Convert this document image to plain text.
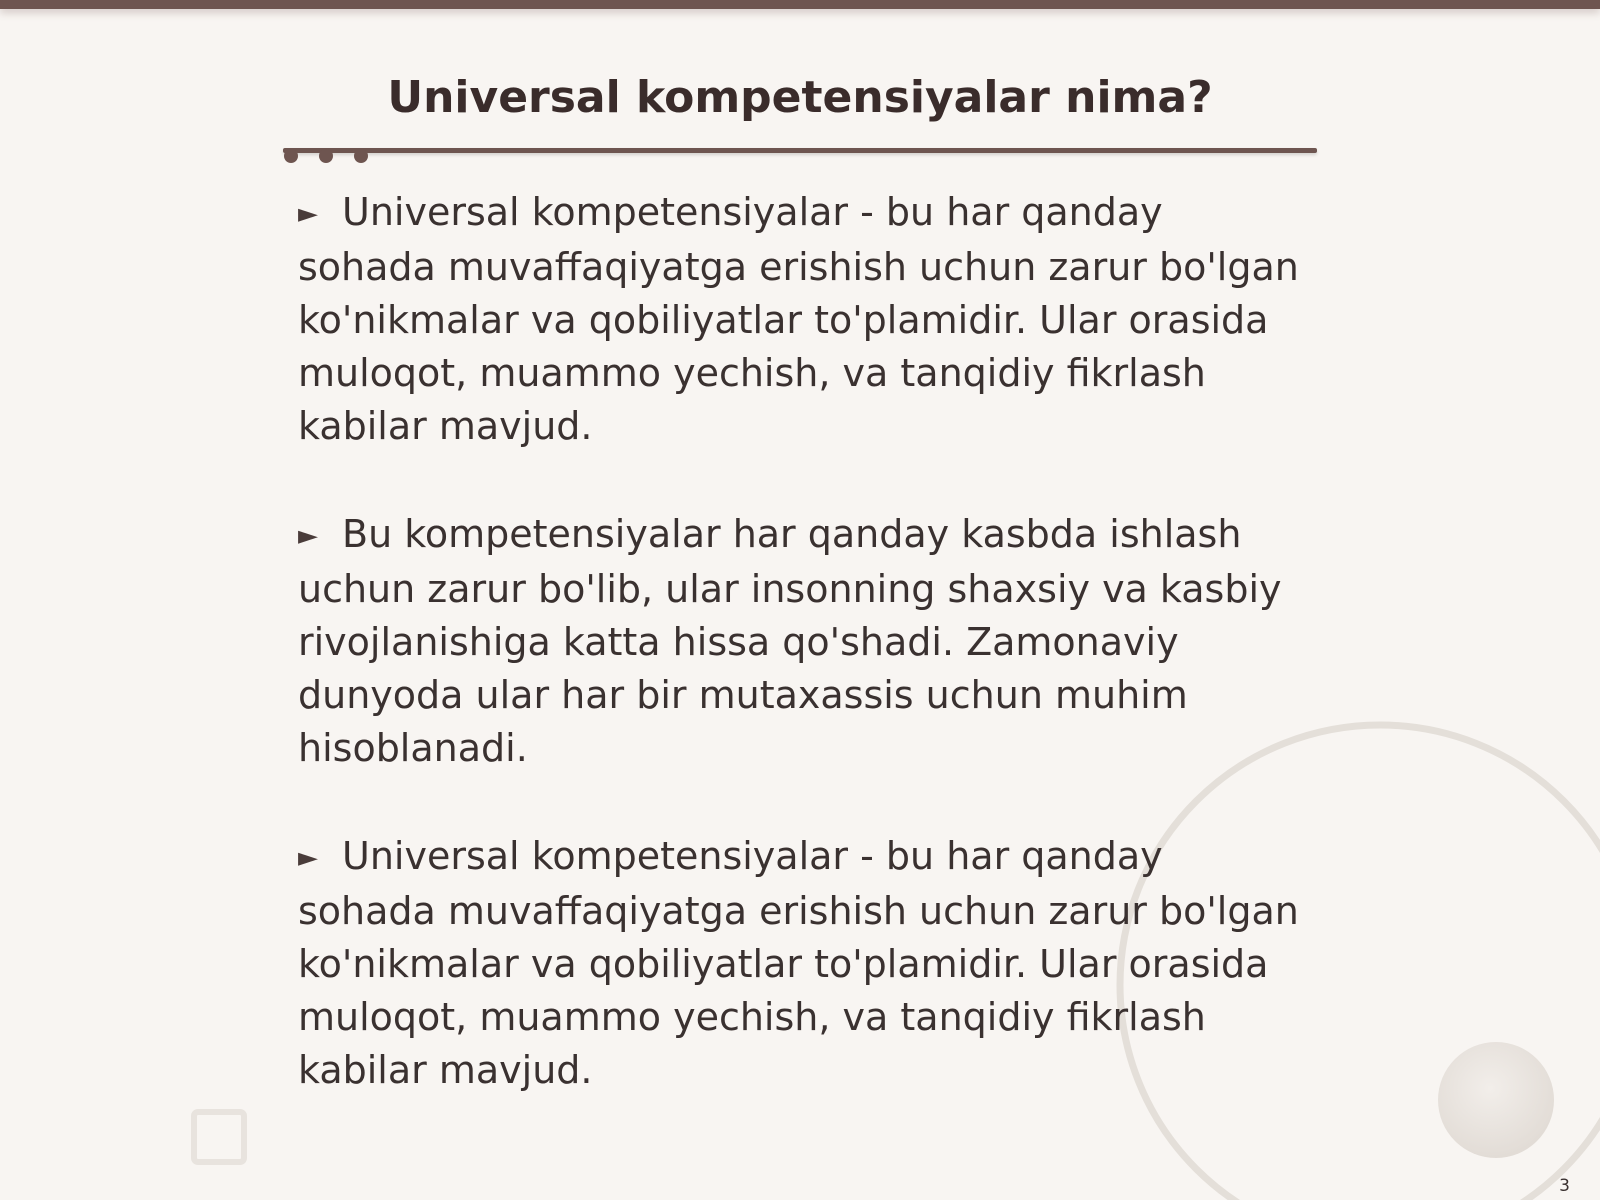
Universal kompetensiyalar nima?

► Universal kompetensiyalar - bu har qanday sohada muvaffaqiyatga erishish uchun zarur bo'lgan ko'nikmalar va qobiliyatlar to'plamidir. Ular orasida muloqot, muammo yechish, va tanqidiy fikrlash kabilar mavjud.

► Bu kompetensiyalar har qanday kasbda ishlash uchun zarur bo'lib, ular insonning shaxsiy va kasbiy rivojlanishiga katta hissa qo'shadi. Zamonaviy dunyoda ular har bir mutaxassis uchun muhim hisoblanadi.

► Universal kompetensiyalar - bu har qanday sohada muvaffaqiyatga erishish uchun zarur bo'lgan ko'nikmalar va qobiliyatlar to'plamidir. Ular orasida muloqot, muammo yechish, va tanqidiy fikrlash kabilar mavjud.

3
